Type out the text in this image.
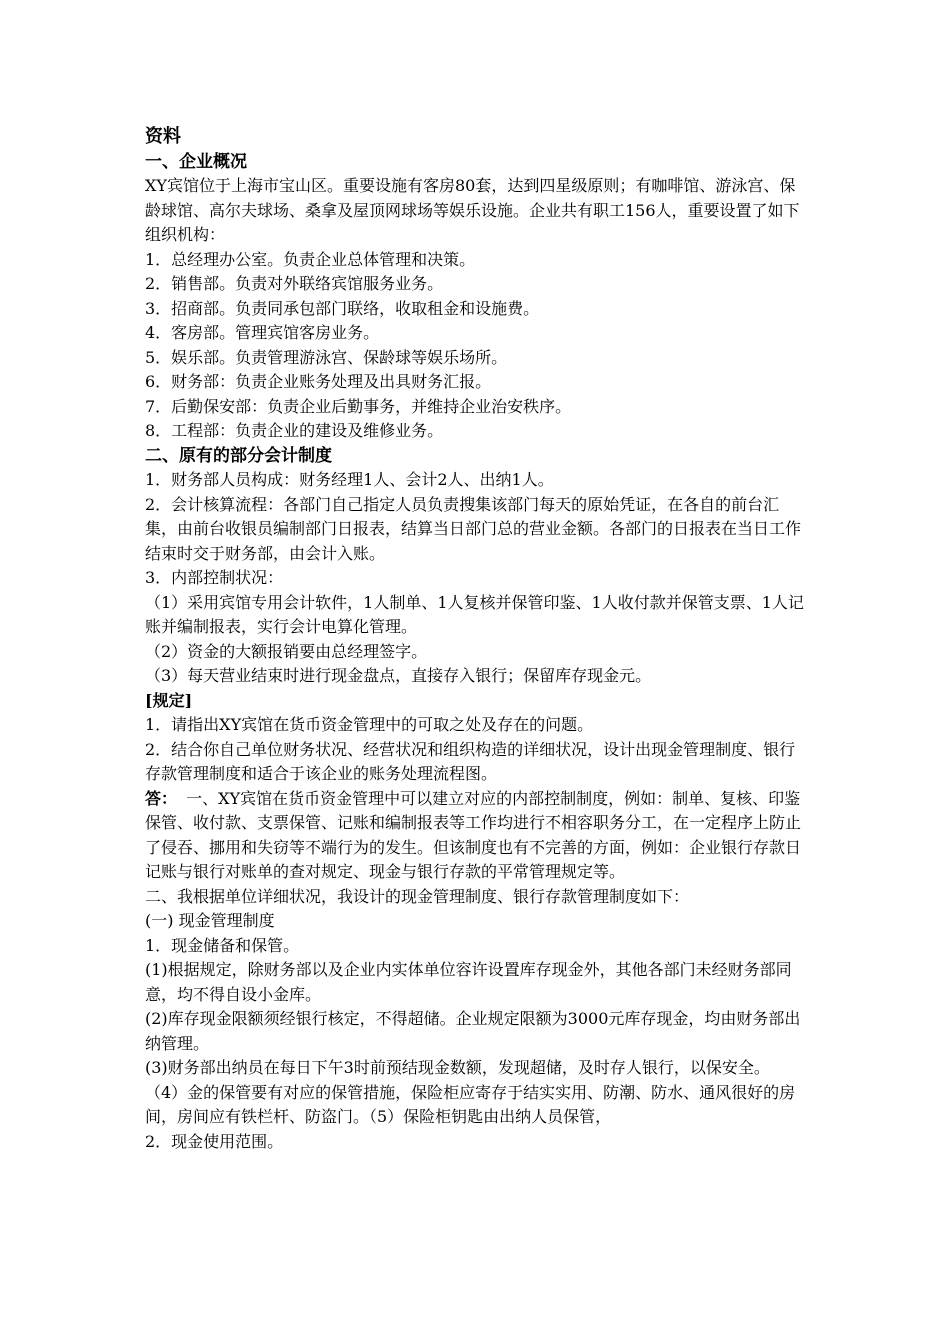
资料

一、企业概况

XY宾馆位于上海市宝山区。重要设施有客房80套，达到四星级原则；有咖啡馆、游泳宫、保龄球馆、高尔夫球场、桑拿及屋顶网球场等娱乐设施。企业共有职工156人，重要设置了如下组织机构：

1．总经理办公室。负责企业总体管理和决策。

2．销售部。负责对外联络宾馆服务业务。

3．招商部。负责同承包部门联络，收取租金和设施费。

4．客房部。管理宾馆客房业务。

5．娱乐部。负责管理游泳宫、保龄球等娱乐场所。

6．财务部：负责企业账务处理及出具财务汇报。

7．后勤保安部：负责企业后勤事务，并维持企业治安秩序。

8．工程部：负责企业的建设及维修业务。

二、原有的部分会计制度

1．财务部人员构成：财务经理1人、会计2人、出纳1人。

2．会计核算流程：各部门自己指定人员负责搜集该部门每天的原始凭证，在各自的前台汇集，由前台收银员编制部门日报表，结算当日部门总的营业金额。各部门的日报表在当日工作结束时交于财务部，由会计入账。

3．内部控制状况：

（1）采用宾馆专用会计软件，1人制单、1人复核并保管印鉴、1人收付款并保管支票、1人记账并编制报表，实行会计电算化管理。

（2）资金的大额报销要由总经理签字。

（3）每天营业结束时进行现金盘点，直接存入银行；保留库存现金元。

[规定]

1．请指出XY宾馆在货币资金管理中的可取之处及存在的问题。

2．结合你自己单位财务状况、经营状况和组织构造的详细状况，设计出现金管理制度、银行存款管理制度和适合于该企业的账务处理流程图。

答： 一、XY宾馆在货币资金管理中可以建立对应的内部控制制度，例如：制单、复核、印鉴保管、收付款、支票保管、记账和编制报表等工作均进行不相容职务分工，在一定程序上防止了侵吞、挪用和失窃等不端行为的发生。但该制度也有不完善的方面，例如：企业银行存款日记账与银行对账单的查对规定、现金与银行存款的平常管理规定等。

二、我根据单位详细状况，我设计的现金管理制度、银行存款管理制度如下：

(一) 现金管理制度

1．现金储备和保管。

(1)根据规定，除财务部以及企业内实体单位容许设置库存现金外，其他各部门未经财务部同意，均不得自设小金库。

(2)库存现金限额须经银行核定，不得超储。企业规定限额为3000元库存现金，均由财务部出纳管理。

(3)财务部出纳员在每日下午3时前预结现金数额，发现超储，及时存人银行，以保安全。

（4）金的保管要有对应的保管措施，保险柜应寄存于结实实用、防潮、防水、通风很好的房间，房间应有铁栏杆、防盗门。（5）保险柜钥匙由出纳人员保管，

2．现金使用范围。
